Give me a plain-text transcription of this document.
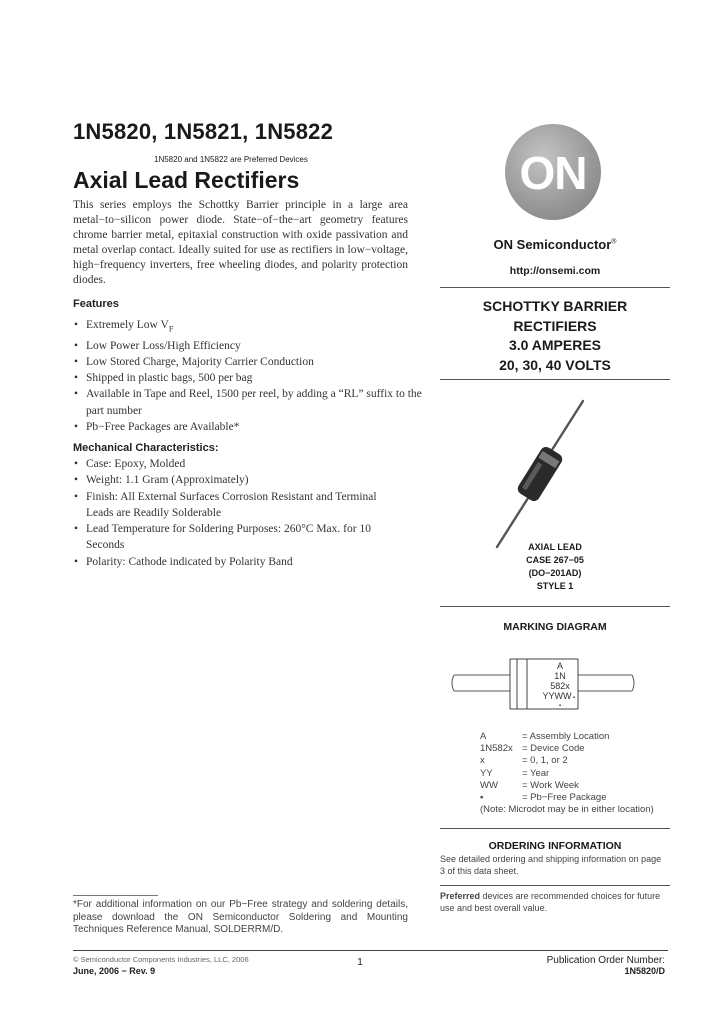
1N5820, 1N5821, 1N5822
1N5820 and 1N5822 are Preferred Devices
Axial Lead Rectifiers
This series employs the Schottky Barrier principle in a large area metal−to−silicon power diode. State−of−the−art geometry features chrome barrier metal, epitaxial construction with oxide passivation and metal overlap contact. Ideally suited for use as rectifiers in low−voltage, high−frequency inverters, free wheeling diodes, and polarity protection diodes.
Features
• Extremely Low $V_F$
• Low Power Loss/High Efficiency
• Low Stored Charge, Majority Carrier Conduction
• Shipped in plastic bags, 500 per bag
• Available in Tape and Reel, 1500 per reel, by adding a “RL” suffix to the part number
• Pb−Free Packages are Available*
Mechanical Characteristics:
• Case: Epoxy, Molded
• Weight: 1.1 Gram (Approximately)
• Finish: All External Surfaces Corrosion Resistant and Terminal Leads are Readily Solderable
• Lead Temperature for Soldering Purposes: 260°C Max. for 10 Seconds
• Polarity: Cathode indicated by Polarity Band
*For additional information on our Pb−Free strategy and soldering details, please download the ON Semiconductor Soldering and Mounting Techniques Reference Manual, SOLDERRM/D.
ON
ON Semiconductor®
http://onsemi.com
SCHOTTKY BARRIER
RECTIFIERS
3.0 AMPERES
20, 30, 40 VOLTS
AXIAL LEAD
CASE 267−05
(DO−201AD)
STYLE 1
MARKING DIAGRAM
A
1N
582x
YYWW ▪
▪
A	= Assembly Location
1N582x = Device Code
x	= 0, 1, or 2
YY	= Year
WW	= Work Week
▪	= Pb−Free Package
(Note: Microdot may be in either location)
ORDERING INFORMATION
See detailed ordering and shipping information on page 3 of this data sheet.
Preferred devices are recommended choices for future use and best overall value.
© Semiconductor Components Industries, LLC, 2006
June, 2006 − Rev. 9
1	Publication Order Number:
1N5820/D
